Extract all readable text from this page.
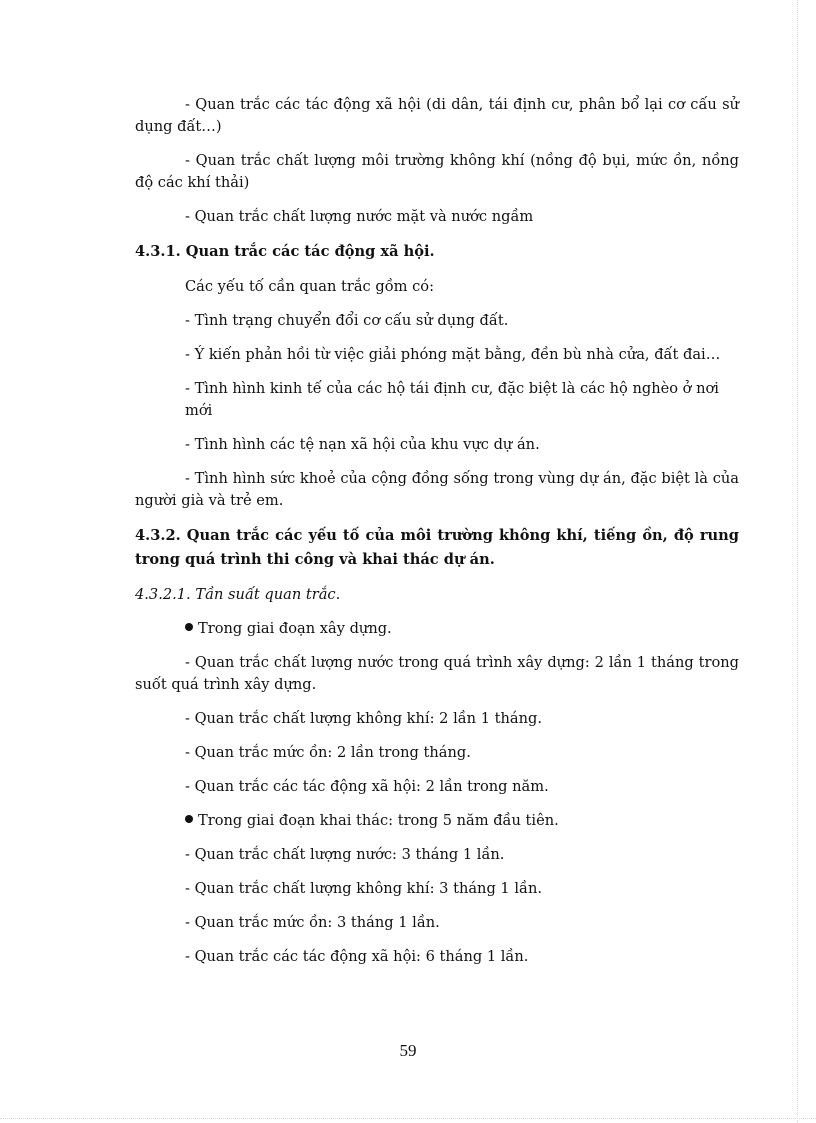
- Quan trắc các tác động xã hội (di dân, tái định cư, phân bổ lại cơ cấu sử dụng đất…)

- Quan trắc chất lượng môi trường không khí (nồng độ bụi, mức ồn, nồng độ các khí thải)

- Quan trắc chất lượng nước mặt và nước ngầm

4.3.1. Quan trắc các tác động xã hội.

Các yếu tố cần quan trắc gồm có:

- Tình trạng chuyển đổi cơ cấu sử dụng đất.

- Ý kiến phản hồi từ việc giải phóng mặt bằng, đền bù nhà cửa, đất đai…

- Tình hình kinh tế của các hộ tái định cư, đặc biệt là các hộ nghèo ở nơi mới

- Tình hình các tệ nạn xã hội của khu vực dự án.

- Tình hình sức khoẻ của cộng đồng sống trong vùng dự án, đặc biệt là của người già và trẻ em.

4.3.2. Quan trắc các yếu tố của môi trường không khí, tiếng ồn, độ rung trong quá trình thi công và khai thác dự án.

4.3.2.1. Tần suất quan trắc.

Trong giai đoạn xây dựng.

- Quan trắc chất lượng nước trong quá trình xây dựng: 2 lần 1 tháng trong suốt quá trình xây dựng.

- Quan trắc chất lượng không khí: 2 lần 1 tháng.

- Quan trắc mức ồn: 2 lần trong tháng.

- Quan trắc các tác động xã hội: 2 lần trong năm.

Trong giai đoạn khai thác: trong 5 năm đầu tiên.

- Quan trắc chất lượng nước: 3 tháng 1 lần.

- Quan trắc chất lượng không khí: 3 tháng 1 lần.

- Quan trắc mức ồn: 3 tháng 1 lần.

- Quan trắc các tác động xã hội: 6 tháng 1 lần.

59
